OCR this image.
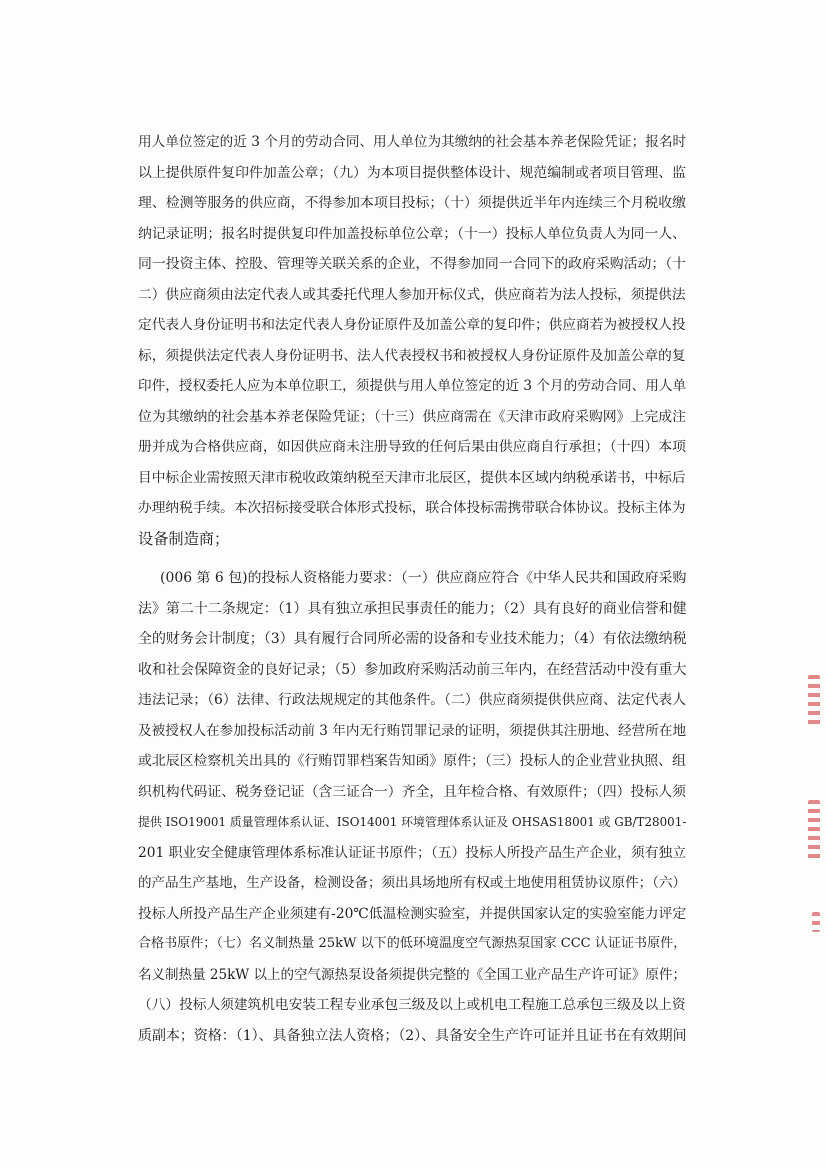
用人单位签定的近 3 个月的劳动合同、用人单位为其缴纳的社会基本养老保险凭证；报名时
以上提供原件复印件加盖公章；（九）为本项目提供整体设计、规范编制或者项目管理、监
理、检测等服务的供应商，不得参加本项目投标；（十）须提供近半年内连续三个月税收缴
纳记录证明；报名时提供复印件加盖投标单位公章；（十一）投标人单位负责人为同一人、
同一投资主体、控股、管理等关联关系的企业，不得参加同一合同下的政府采购活动；（十
二）供应商须由法定代表人或其委托代理人参加开标仪式，供应商若为法人投标，须提供法
定代表人身份证明书和法定代表人身份证原件及加盖公章的复印件；供应商若为被授权人投
标，须提供法定代表人身份证明书、法人代表授权书和被授权人身份证原件及加盖公章的复
印件，授权委托人应为本单位职工，须提供与用人单位签定的近 3 个月的劳动合同、用人单
位为其缴纳的社会基本养老保险凭证；（十三）供应商需在《天津市政府采购网》上完成注
册并成为合格供应商，如因供应商未注册导致的任何后果由供应商自行承担；（十四）本项
目中标企业需按照天津市税收政策纳税至天津市北辰区，提供本区域内纳税承诺书，中标后
办理纳税手续。本次招标接受联合体形式投标，联合体投标需携带联合体协议。投标主体为
设备制造商；
(006 第 6 包)的投标人资格能力要求：（一）供应商应符合《中华人民共和国政府采购
法》第二十二条规定：（1）具有独立承担民事责任的能力；（2）具有良好的商业信誉和健
全的财务会计制度；（3）具有履行合同所必需的设备和专业技术能力；（4）有依法缴纳税
收和社会保障资金的良好记录；（5）参加政府采购活动前三年内，在经营活动中没有重大
违法记录；（6）法律、行政法规规定的其他条件。（二）供应商须提供供应商、法定代表人
及被授权人在参加投标活动前 3 年内无行贿罚罪记录的证明，须提供其注册地、经营所在地
或北辰区检察机关出具的《行贿罚罪档案告知函》原件；（三）投标人的企业营业执照、组
织机构代码证、税务登记证（含三证合一）齐全，且年检合格、有效原件；（四）投标人须
提供 ISO19001 质量管理体系认证、ISO14001 环境管理体系认证及 OHSAS18001 或 GB/T28001-
201 职业安全健康管理体系标准认证证书原件；（五）投标人所投产品生产企业，须有独立
的产品生产基地，生产设备，检测设备；须出具场地所有权或土地使用租赁协议原件；（六）
投标人所投产品生产企业须建有-20℃低温检测实验室，并提供国家认定的实验室能力评定
合格书原件；（七）名义制热量 25kW 以下的低环境温度空气源热泵国家 CCC 认证证书原件，
名义制热量 25kW 以上的空气源热泵设备须提供完整的《全国工业产品生产许可证》原件；
（八）投标人须建筑机电安装工程专业承包三级及以上或机电工程施工总承包三级及以上资
质副本；资格：（1）、具备独立法人资格；（2）、具备安全生产许可证并且证书在有效期间
